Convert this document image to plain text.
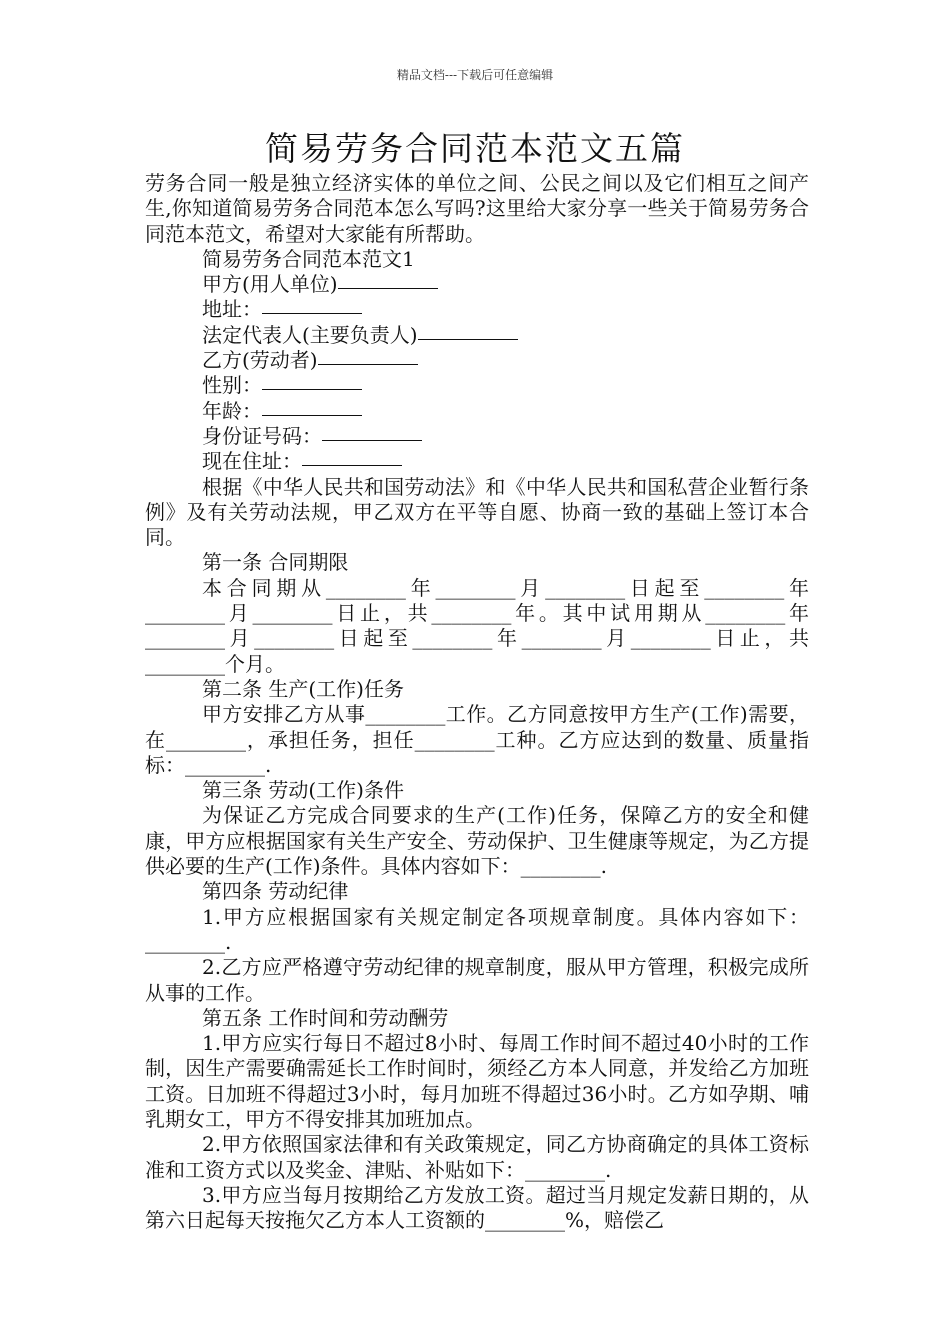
精品文档---下载后可任意编辑
简易劳务合同范本范文五篇

劳务合同一般是独立经济实体的单位之间、公民之间以及它们相互之间产生,你知道简易劳务合同范本怎么写吗?这里给大家分享一些关于简易劳务合同范本范文，希望对大家能有所帮助。

简易劳务合同范本范文1

甲方(用人单位)

地址：

法定代表人(主要负责人)

乙方(劳动者)

性别：

年龄：

身份证号码：

现在住址：

根据《中华人民共和国劳动法》和《中华人民共和国私营企业暂行条例》及有关劳动法规，甲乙双方在平等自愿、协商一致的基础上签订本合同。

第一条 合同期限

本合同期从________年________月________日起至________年________月________日止，共________年。其中试用期从________年________月________日起至________年________月________日止，共________个月。

第二条 生产(工作)任务

甲方安排乙方从事________工作。乙方同意按甲方生产(工作)需要，在________，承担任务，担任________工种。乙方应达到的数量、质量指标：________.

第三条 劳动(工作)条件

为保证乙方完成合同要求的生产(工作)任务，保障乙方的安全和健康，甲方应根据国家有关生产安全、劳动保护、卫生健康等规定，为乙方提供必要的生产(工作)条件。具体内容如下：________.

第四条 劳动纪律

1.甲方应根据国家有关规定制定各项规章制度。具体内容如下：________.

2.乙方应严格遵守劳动纪律的规章制度，服从甲方管理，积极完成所从事的工作。

第五条 工作时间和劳动酬劳

1.甲方应实行每日不超过8小时、每周工作时间不超过40小时的工作制，因生产需要确需延长工作时间时，须经乙方本人同意，并发给乙方加班工资。日加班不得超过3小时，每月加班不得超过36小时。乙方如孕期、哺乳期女工，甲方不得安排其加班加点。

2.甲方依照国家法律和有关政策规定，同乙方协商确定的具体工资标准和工资方式以及奖金、津贴、补贴如下：________.

3.甲方应当每月按期给乙方发放工资。超过当月规定发薪日期的，从第六日起每天按拖欠乙方本人工资额的________%，赔偿乙
